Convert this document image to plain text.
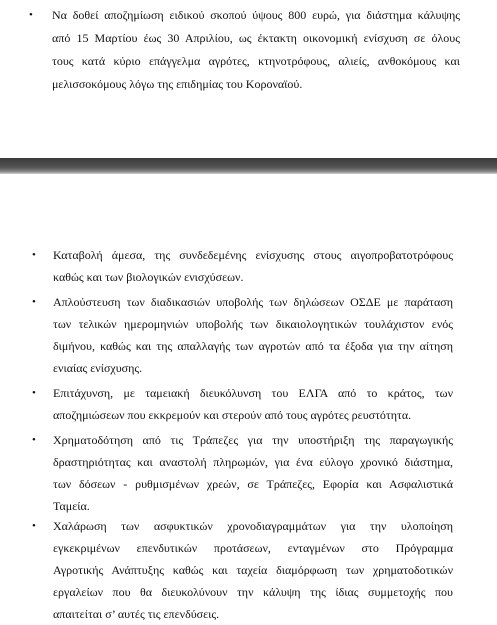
• Να δοθεί αποζημίωση ειδικού σκοπού ύψους 800 ευρώ, για διάστημα κάλυψης
από 15 Μαρτίου έως 30 Απριλίου, ως έκτακτη οικονομική ενίσχυση σε όλους
τους κατά κύριο επάγγελμα αγρότες, κτηνοτρόφους, αλιείς, ανθοκόμους και
μελισσοκόμους λόγω της επιδημίας του Κοροναϊού.
• Καταβολή άμεσα, της συνδεδεμένης ενίσχυσης στους αιγοπροβατοτρόφους
καθώς και των βιολογικών ενισχύσεων.
• Απλούστευση των διαδικασιών υποβολής των δηλώσεων ΟΣΔΕ με παράταση
των τελικών ημερομηνιών υποβολής των δικαιολογητικών τουλάχιστον ενός
διμήνου, καθώς και της απαλλαγής των αγροτών από τα έξοδα για την αίτηση
ενιαίας ενίσχυσης.
• Επιτάχυνση, με ταμειακή διευκόλυνση του ΕΛΓΑ από το κράτος, των
αποζημιώσεων που εκκρεμούν και στερούν από τους αγρότες ρευστότητα.
• Χρηματοδότηση από τις Τράπεζες για την υποστήριξη της παραγωγικής
δραστηριότητας και αναστολή πληρωμών, για ένα εύλογο χρονικό διάστημα,
των δόσεων - ρυθμισμένων χρεών, σε Τράπεζες, Εφορία και Ασφαλιστικά
Ταμεία.
• Χαλάρωση των ασφυκτικών χρονοδιαγραμμάτων για την υλοποίηση
εγκεκριμένων επενδυτικών προτάσεων, ενταγμένων στο Πρόγραμμα
Αγροτικής Ανάπτυξης καθώς και ταχεία διαμόρφωση των χρηματοδοτικών
εργαλείων που θα διευκολύνουν την κάλυψη της ίδιας συμμετοχής που
απαιτείται σ’ αυτές τις επενδύσεις.
